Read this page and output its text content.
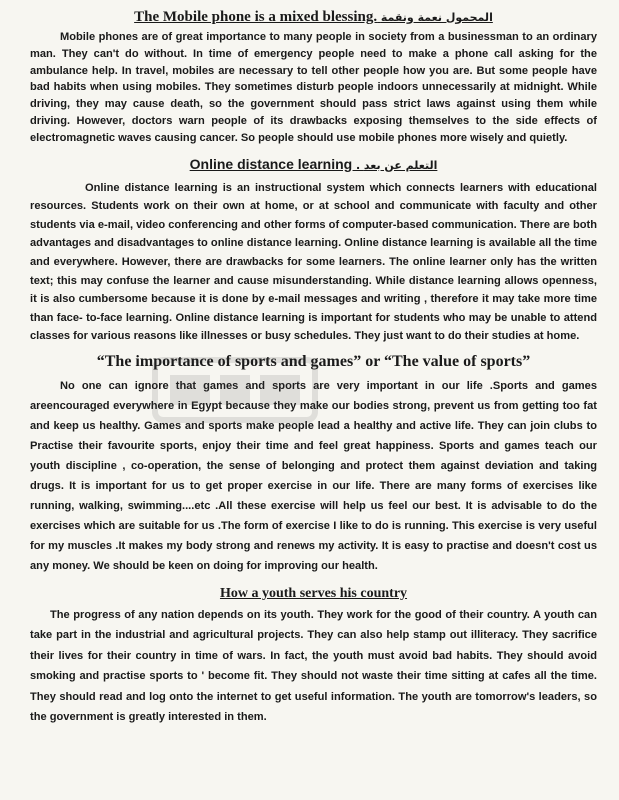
The Mobile phone is a mixed blessing. المحمول نعمة ونقمة

Mobile phones are of great importance to many people in society from a businessman to an ordinary man. They can't do without. In time of emergency people need to make a phone call asking for the ambulance help. In travel, mobiles are necessary to tell other people how you are. But some people have bad habits when using mobiles. They sometimes disturb people indoors unnecessarily at midnight. While driving, they may cause death, so the government should pass strict laws against using them while driving. However, doctors warn people of its drawbacks exposing themselves to the side effects of electromagnetic waves causing cancer. So people should use mobile phones more wisely and quietly.

Online distance learning . التعلم عن بعد

Online distance learning is an instructional system which connects learners with educational resources. Students work on their own at home, or at school and communicate with faculty and other students via e-mail, video conferencing and other forms of computer-based communication. There are both advantages and disadvantages to online distance learning. Online distance learning is available all the time and everywhere. However, there are drawbacks for some learners. The online learner only has the written text; this may confuse the learner and cause misunderstanding. While distance learning allows openness, it is also cumbersome because it is done by e-mail messages and writing , therefore it may take more time than face- to-face learning. Online distance learning is important for students who may be unable to attend classes for various reasons like illnesses or busy schedules. They just want to do their studies at home.

“The importance of sports and games” or “The value of sports”

No one can ignore that games and sports are very important in our life .Sports and games areencouraged everywhere in Egypt because they make our bodies strong, prevent us from getting too fat and keep us healthy. Games and sports make people lead a healthy and active life. They can join clubs to Practise their favourite sports, enjoy their time and feel great happiness. Sports and games teach our youth discipline , co-operation, the sense of belonging and protect them against deviation and taking drugs. It is important for us to get proper exercise in our life. There are many forms of exercises like running, walking, swimming....etc .All these exercise will help us feel our best. It is advisable to do the exercises which are suitable for us .The form of exercise I like to do is running. This exercise is very useful for my muscles .It makes my body strong and renews my activity. It is easy to practise and doesn't cost us any money. We should be keen on doing for improving our health.

How a youth serves his country

The progress of any nation depends on its youth. They work for the good of their country. A youth can take part in the industrial and agricultural projects. They can also help stamp out illiteracy. They sacrifice their lives for their country in time of wars. In fact, the youth must avoid bad habits. They should avoid smoking and practise sports to ' become fit. They should not waste their time sitting at cafes all the time. They should read and log onto the internet to get useful information. The youth are tomorrow's leaders, so the government is greatly interested in them.
